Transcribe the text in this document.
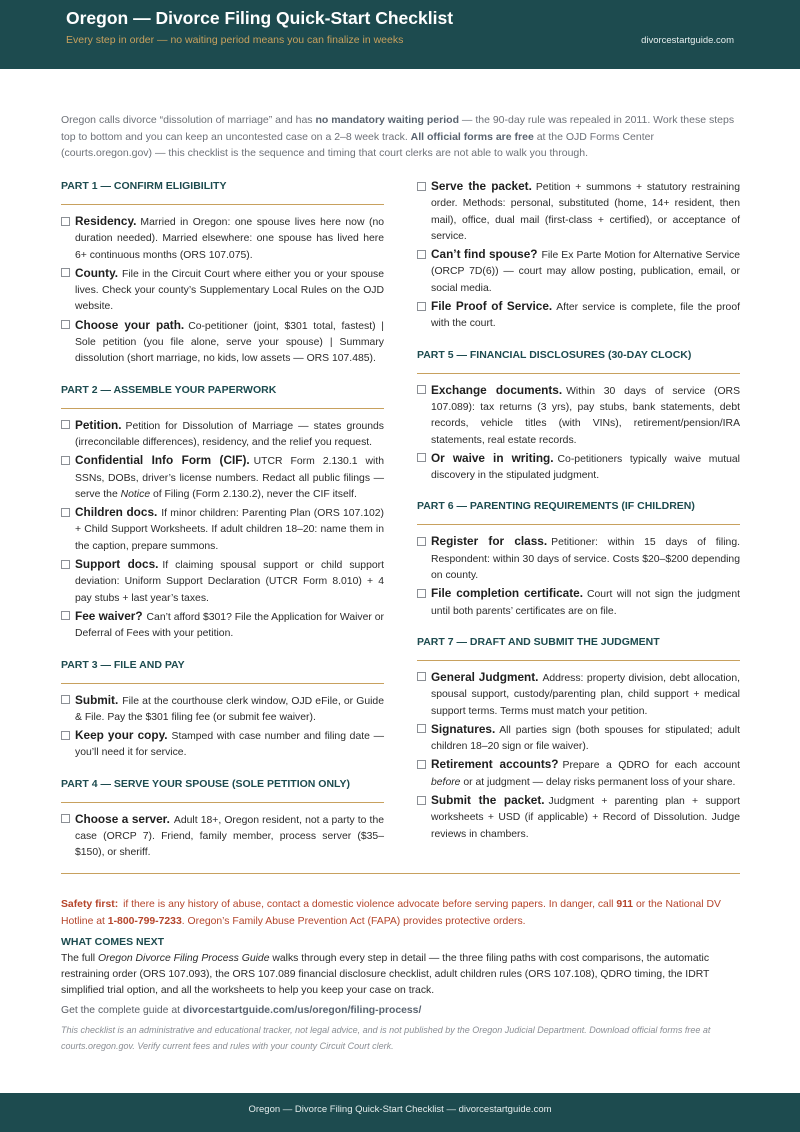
Oregon — Divorce Filing Quick-Start Checklist
Every step in order — no waiting period means you can finalize in weeks	divorcestartguide.com
Oregon calls divorce “dissolution of marriage” and has no mandatory waiting period — the 90-day rule was repealed in 2011. Work these steps top to bottom and you can keep an uncontested case on a 2–8 week track. All official forms are free at the OJD Forms Center (courts.oregon.gov) — this checklist is the sequence and timing that court clerks are not able to walk you through.
PART 1 — CONFIRM ELIGIBILITY
Residency. Married in Oregon: one spouse lives here now (no duration needed). Married elsewhere: one spouse has lived here 6+ continuous months (ORS 107.075).
County. File in the Circuit Court where either you or your spouse lives. Check your county’s Supplementary Local Rules on the OJD website.
Choose your path. Co-petitioner (joint, $301 total, fastest) | Sole petition (you file alone, serve your spouse) | Summary dissolution (short marriage, no kids, low assets — ORS 107.485).
PART 2 — ASSEMBLE YOUR PAPERWORK
Petition. Petition for Dissolution of Marriage — states grounds (irreconcilable differences), residency, and the relief you request.
Confidential Info Form (CIF). UTCR Form 2.130.1 with SSNs, DOBs, driver’s license numbers. Redact all public filings — serve the Notice of Filing (Form 2.130.2), never the CIF itself.
Children docs. If minor children: Parenting Plan (ORS 107.102) + Child Support Worksheets. If adult children 18–20: name them in the caption, prepare summons.
Support docs. If claiming spousal support or child support deviation: Uniform Support Declaration (UTCR Form 8.010) + 4 pay stubs + last year’s taxes.
Fee waiver? Can’t afford $301? File the Application for Waiver or Deferral of Fees with your petition.
PART 3 — FILE AND PAY
Submit. File at the courthouse clerk window, OJD eFile, or Guide & File. Pay the $301 filing fee (or submit fee waiver).
Keep your copy. Stamped with case number and filing date — you’ll need it for service.
PART 4 — SERVE YOUR SPOUSE (SOLE PETITION ONLY)
Choose a server. Adult 18+, Oregon resident, not a party to the case (ORCP 7). Friend, family member, process server ($35–$150), or sheriff.
Serve the packet. Petition + summons + statutory restraining order. Methods: personal, substituted (home, 14+ resident, then mail), office, dual mail (first-class + certified), or acceptance of service.
Can’t find spouse? File Ex Parte Motion for Alternative Service (ORCP 7D(6)) — court may allow posting, publication, email, or social media.
File Proof of Service. After service is complete, file the proof with the court.
PART 5 — FINANCIAL DISCLOSURES (30-DAY CLOCK)
Exchange documents. Within 30 days of service (ORS 107.089): tax returns (3 yrs), pay stubs, bank statements, debt records, vehicle titles (with VINs), retirement/pension/IRA statements, real estate records.
Or waive in writing. Co-petitioners typically waive mutual discovery in the stipulated judgment.
PART 6 — PARENTING REQUIREMENTS (IF CHILDREN)
Register for class. Petitioner: within 15 days of filing. Respondent: within 30 days of service. Costs $20–$200 depending on county.
File completion certificate. Court will not sign the judgment until both parents’ certificates are on file.
PART 7 — DRAFT AND SUBMIT THE JUDGMENT
General Judgment. Address: property division, debt allocation, spousal support, custody/parenting plan, child support + medical support terms. Terms must match your petition.
Signatures. All parties sign (both spouses for stipulated; adult children 18–20 sign or file waiver).
Retirement accounts? Prepare a QDRO for each account before or at judgment — delay risks permanent loss of your share.
Submit the packet. Judgment + parenting plan + support worksheets + USD (if applicable) + Record of Dissolution. Judge reviews in chambers.
Safety first: if there is any history of abuse, contact a domestic violence advocate before serving papers. In danger, call 911 or the National DV Hotline at 1-800-799-7233. Oregon’s Family Abuse Prevention Act (FAPA) provides protective orders.
WHAT COMES NEXT
The full Oregon Divorce Filing Process Guide walks through every step in detail — the three filing paths with cost comparisons, the automatic restraining order (ORS 107.093), the ORS 107.089 financial disclosure checklist, adult children rules (ORS 107.108), QDRO timing, the IDRT simplified trial option, and all the worksheets to help you keep your case on track.
Get the complete guide at divorcestartguide.com/us/oregon/filing-process/
This checklist is an administrative and educational tracker, not legal advice, and is not published by the Oregon Judicial Department. Download official forms free at courts.oregon.gov. Verify current fees and rules with your county Circuit Court clerk.
Oregon — Divorce Filing Quick-Start Checklist — divorcestartguide.com
